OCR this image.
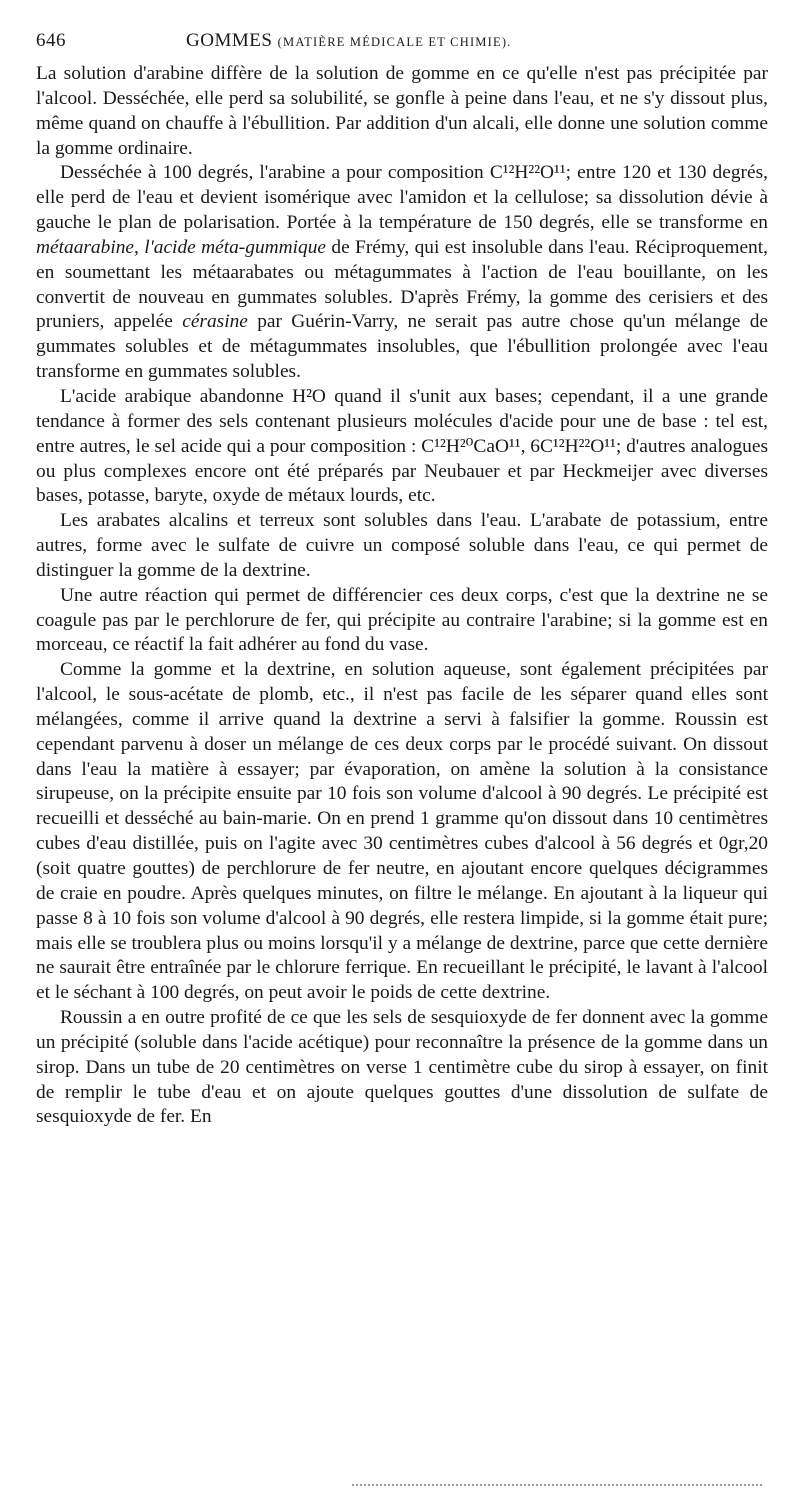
646	GOMMES (MATIÈRE MÉDICALE ET CHIMIE).

La solution d'arabine diffère de la solution de gomme en ce qu'elle n'est pas précipitée par l'alcool. Desséchée, elle perd sa solubilité, se gonfle à peine dans l'eau, et ne s'y dissout plus, même quand on chauffe à l'ébullition. Par addition d'un alcali, elle donne une solution comme la gomme ordinaire.

Desséchée à 100 degrés, l'arabine a pour composition C¹²H²²O¹¹; entre 120 et 130 degrés, elle perd de l'eau et devient isomérique avec l'amidon et la cellulose; sa dissolution dévie à gauche le plan de polarisation. Portée à la température de 150 degrés, elle se transforme en métaarabine, l'acide méta-gummique de Frémy, qui est insoluble dans l'eau. Réciproquement, en soumettant les métaarabates ou métagummates à l'action de l'eau bouillante, on les convertit de nouveau en gummates solubles. D'après Frémy, la gomme des cerisiers et des pruniers, appelée cérasine par Guérin-Varry, ne serait pas autre chose qu'un mélange de gummates solubles et de métagummates insolubles, que l'ébullition prolongée avec l'eau transforme en gummates solubles.

L'acide arabique abandonne H²O quand il s'unit aux bases; cependant, il a une grande tendance à former des sels contenant plusieurs molécules d'acide pour une de base : tel est, entre autres, le sel acide qui a pour composition : C¹²H²⁰CaO¹¹, 6C¹²H²²O¹¹; d'autres analogues ou plus complexes encore ont été préparés par Neubauer et par Heckmeijer avec diverses bases, potasse, baryte, oxyde de métaux lourds, etc.

Les arabates alcalins et terreux sont solubles dans l'eau. L'arabate de potassium, entre autres, forme avec le sulfate de cuivre un composé soluble dans l'eau, ce qui permet de distinguer la gomme de la dextrine.

Une autre réaction qui permet de différencier ces deux corps, c'est que la dextrine ne se coagule pas par le perchlorure de fer, qui précipite au contraire l'arabine; si la gomme est en morceau, ce réactif la fait adhérer au fond du vase.

Comme la gomme et la dextrine, en solution aqueuse, sont également précipitées par l'alcool, le sous-acétate de plomb, etc., il n'est pas facile de les séparer quand elles sont mélangées, comme il arrive quand la dextrine a servi à falsifier la gomme. Roussin est cependant parvenu à doser un mélange de ces deux corps par le procédé suivant. On dissout dans l'eau la matière à essayer; par évaporation, on amène la solution à la consistance sirupeuse, on la précipite ensuite par 10 fois son volume d'alcool à 90 degrés. Le précipité est recueilli et desséché au bain-marie. On en prend 1 gramme qu'on dissout dans 10 centimètres cubes d'eau distillée, puis on l'agite avec 30 centimètres cubes d'alcool à 56 degrés et 0gr,20 (soit quatre gouttes) de perchlorure de fer neutre, en ajoutant encore quelques décigrammes de craie en poudre. Après quelques minutes, on filtre le mélange. En ajoutant à la liqueur qui passe 8 à 10 fois son volume d'alcool à 90 degrés, elle restera limpide, si la gomme était pure; mais elle se troublera plus ou moins lorsqu'il y a mélange de dextrine, parce que cette dernière ne saurait être entraînée par le chlorure ferrique. En recueillant le précipité, le lavant à l'alcool et le séchant à 100 degrés, on peut avoir le poids de cette dextrine.

Roussin a en outre profité de ce que les sels de sesquioxyde de fer donnent avec la gomme un précipité (soluble dans l'acide acétique) pour reconnaître la présence de la gomme dans un sirop. Dans un tube de 20 centimètres on verse 1 centimètre cube du sirop à essayer, on finit de remplir le tube d'eau et on ajoute quelques gouttes d'une dissolution de sulfate de sesquioxyde de fer. En
